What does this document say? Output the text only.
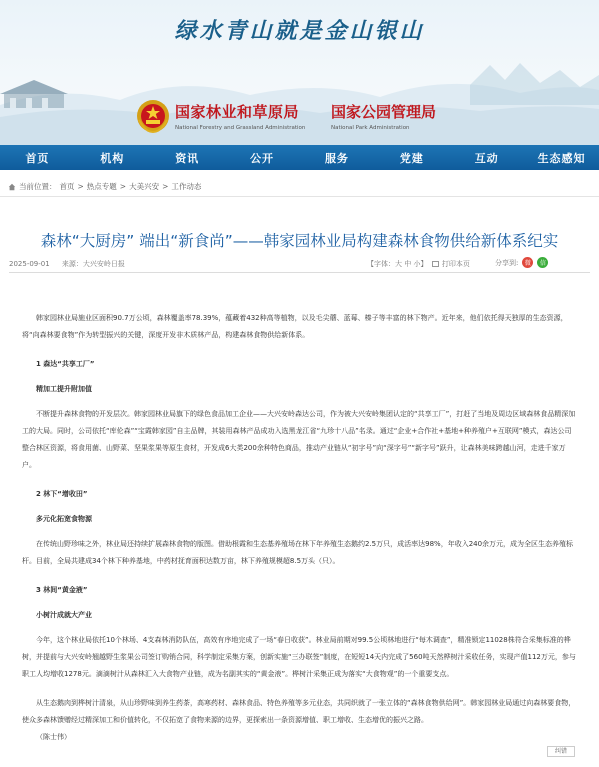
绿水青山就是金山银山
国家林业和草原局
National Forestry and Grassland Administration
国家公园管理局
National Park Administration
首页	机构	资讯	公开	服务	党建	互动	生态感知
当前位置： 首页 > 热点专题 > 大美兴安 > 工作动态
森林“大厨房” 端出“新食尚”——韩家园林业局构建森林食物供给新体系纪实
2025-09-01 来源：大兴安岭日报	【字体：大 中 小】 打印本页	分享到:	微	信

韩家园林业局施业区面积90.7万公顷，森林覆盖率78.39%，蕴藏着432种高等植物，以及毛尖蘑、蓝莓、榛子等丰富的林下物产。近年来，他们依托得天独厚的生态资源，将“向森林要食物”作为转型振兴的关键，深度开发非木质林产品，构建森林食物供给新体系。

1 森达“共享工厂”

精加工提升附加值

不断提升森林食物的开发层次。韩家园林业局旗下的绿色食品加工企业——大兴安岭森达公司，作为被大兴安岭集团认定的“共享工厂”，打赶了当地及周边区域森林食品精深加工的大局。同时，公司依托“库伦森”“宝霞韩家园”自主品牌，其装用森林产品成功入选黑龙江省“九珍十八品”名录。通过“企业+合作社+基地+种养殖户+互联网”模式，森达公司整合林区资源，将食用菌、山野菜、坚果浆果等原生食材，开发成6大类200余种特色商品，推动产业链从“初字号”向“深字号”“新字号”跃升，让森林美味跨越山河，走进千家万户。

2 林下“增收田”

多元化拓宽食物源

在传统山野珍味之外，林业局还持续扩展森林食物的版图。借助根霞和生态基养殖场在林下年养殖生态鹅约2.5万只，成活率达98%，年收入240余万元，成为全区生态养殖标杆。目前，全局共建成34个林下种养基地，中药材抚育面积达数万亩，林下养殖规模超8.5万头（只）。

3 林间“黄金液”

小树汁成就大产业

今年，这个林业局依托10个林场、4支森林消防队伍，高效有序地完成了一场“春日收获”。林业局前期对99.5公顷林地进行“每木调查”，精准锁定11028株符合采集标准的桦树，并提前与大兴安岭翘越野生浆果公司签订购销合同，科学制定采集方案，创新实施“三办联签”制度，在短短14天内完成了560吨天然桦树汁采收任务，实现产值112万元，参与职工人均增收1278元。滴滴树汁从森林汇入大食物产业链，成为名副其实的“黄金液”。桦树汁采集正成为落实“大食物观”的一个重要支点。

从生态鹅肉到桦树汁清泉，从山珍野味到养生药茶，高寒药材、森林食品、特色养殖等多元业态，共同织就了一张立体的“森林食物供给网”。韩家园林业局通过向森林要食物，使众多森林馈赠经过精深加工和价值转化，不仅拓宽了食物来源的边界，更探索出一条资源增值、职工增收、生态增优的振兴之路。

（陈士伟）

纠错
